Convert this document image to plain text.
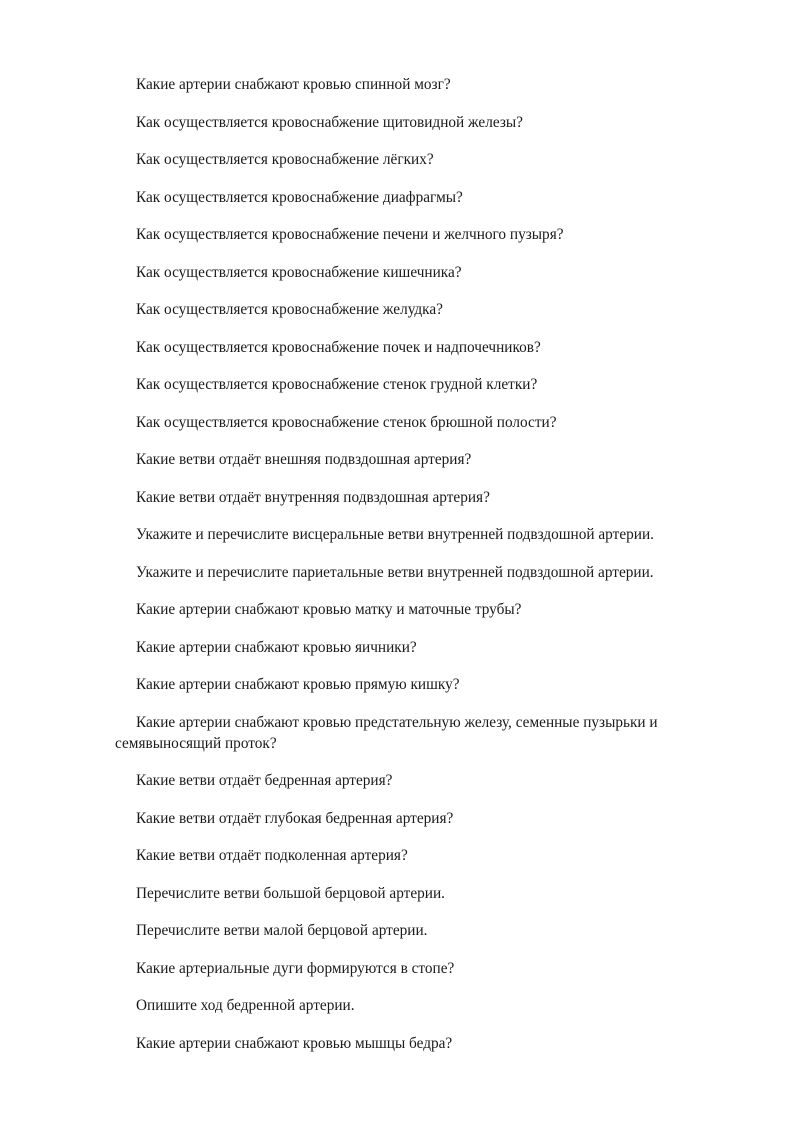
Какие артерии снабжают кровью спинной мозг?
Как осуществляется кровоснабжение щитовидной железы?
Как осуществляется кровоснабжение лёгких?
Как осуществляется кровоснабжение диафрагмы?
Как осуществляется кровоснабжение печени и желчного пузыря?
Как осуществляется кровоснабжение кишечника?
Как осуществляется кровоснабжение желудка?
Как осуществляется кровоснабжение почек и надпочечников?
Как осуществляется кровоснабжение стенок грудной клетки?
Как осуществляется кровоснабжение стенок брюшной полости?
Какие ветви отдаёт внешняя подвздошная артерия?
Какие ветви отдаёт внутренняя подвздошная артерия?
Укажите и перечислите висцеральные ветви внутренней подвздошной артерии.
Укажите и перечислите париетальные ветви внутренней подвздошной артерии.
Какие артерии снабжают кровью матку и маточные трубы?
Какие артерии снабжают кровью яичники?
Какие артерии снабжают кровью прямую кишку?
Какие артерии снабжают кровью предстательную железу, семенные пузырьки и семявыносящий проток?
Какие ветви отдаёт бедренная артерия?
Какие ветви отдаёт глубокая бедренная артерия?
Какие ветви отдаёт подколенная артерия?
Перечислите ветви большой берцовой артерии.
Перечислите ветви малой берцовой артерии.
Какие артериальные дуги формируются в стопе?
Опишите ход бедренной артерии.
Какие артерии снабжают кровью мышцы бедра?
